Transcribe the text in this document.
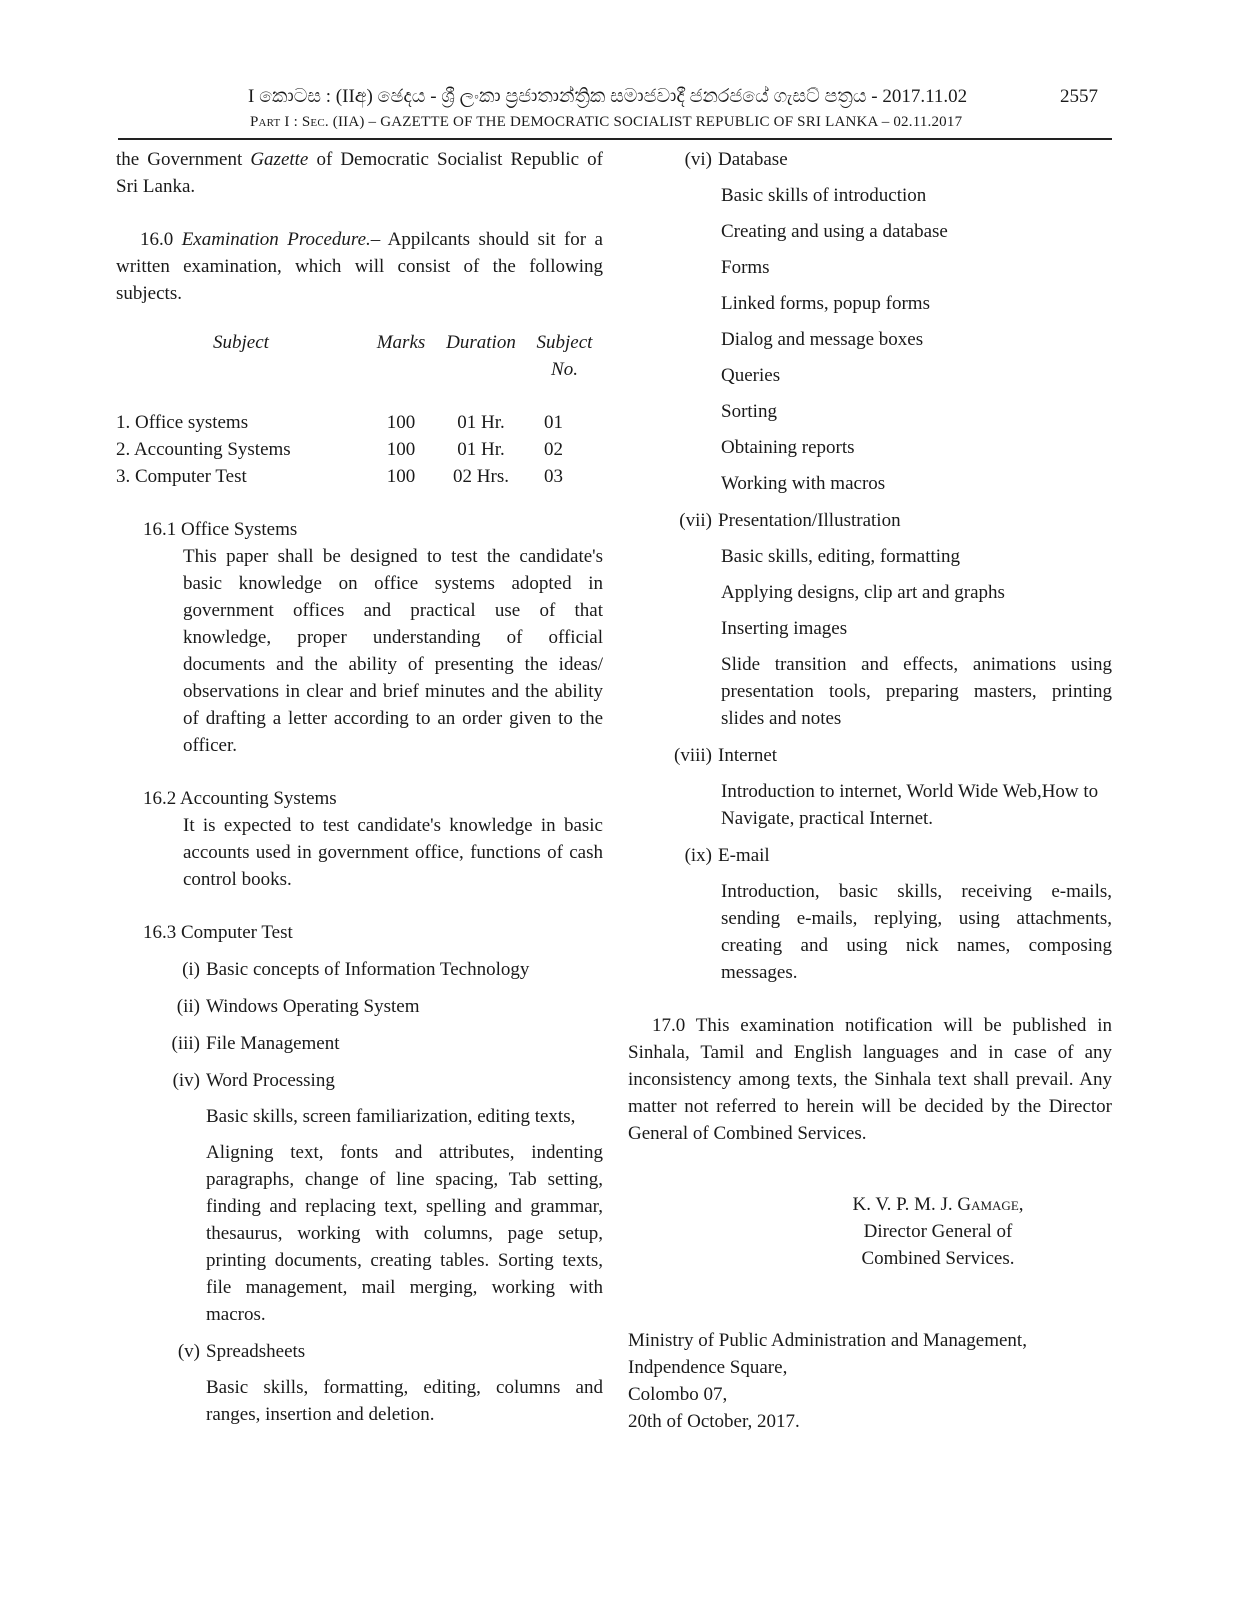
I කොටස : (IIඅ) ඡෙදය - ශ්‍රී ලංකා ප්‍රජාතාන්ත්‍රික සමාජවාදී ජනරජයේ ගැසට් පත්‍රය - 2017.11.02	2557
Part I : Sec. (IIA) – GAZETTE OF THE DEMOCRATIC SOCIALIST REPUBLIC OF SRI LANKA – 02.11.2017

the Government Gazette of Democratic Socialist Republic of Sri Lanka.

16.0 Examination Procedure.– Appilcants should sit for a written examination, which will consist of the following subjects.

Subject	Marks	Duration	Subject No.

1. Office systems	100	01 Hr.	01
2. Accounting Systems	100	01 Hr.	02
3. Computer Test	100	02 Hrs.	03

16.1 Office Systems

This paper shall be designed to test the candidate's basic knowledge on office systems adopted in government offices and practical use of that knowledge, proper understanding of official documents and the ability of presenting the ideas/ observations in clear and brief minutes and the ability of drafting a letter according to an order given to the officer.

16.2 Accounting Systems

It is expected to test candidate's knowledge in basic accounts used in government office, functions of cash control books.

16.3 Computer Test

(i) Basic concepts of Information Technology
(ii) Windows Operating System
(iii) File Management
(iv) Word Processing

Basic skills, screen familiarization, editing texts,

Aligning text, fonts and attributes, indenting paragraphs, change of line spacing, Tab setting, finding and replacing text, spelling and grammar, thesaurus, working with columns, page setup, printing documents, creating tables. Sorting texts, file management, mail merging, working with macros.

(v) Spreadsheets

Basic skills, formatting, editing, columns and ranges, insertion and deletion.

(vi) Database

Basic skills of introduction

Creating and using a database

Forms

Linked forms, popup forms

Dialog and message boxes

Queries

Sorting

Obtaining reports

Working with macros

(vii) Presentation/Illustration

Basic skills, editing, formatting

Applying designs, clip art and graphs

Inserting images

Slide transition and effects, animations using presentation tools, preparing masters, printing slides and notes

(viii) Internet

Introduction to internet, World Wide Web,How to Navigate, practical Internet.

(ix) E-mail

Introduction, basic skills, receiving e-mails, sending e-mails, replying, using attachments, creating and using nick names, composing messages.

17.0 This examination notification will be published in Sinhala, Tamil and English languages and in case of any inconsistency among texts, the Sinhala text shall prevail. Any matter not referred to herein will be decided by the Director General of Combined Services.

K. V. P. M. J. Gamage,

Director General of

Combined Services.

Ministry of Public Administration and Management,

Indpendence Square,

Colombo 07,

20th of October, 2017.
